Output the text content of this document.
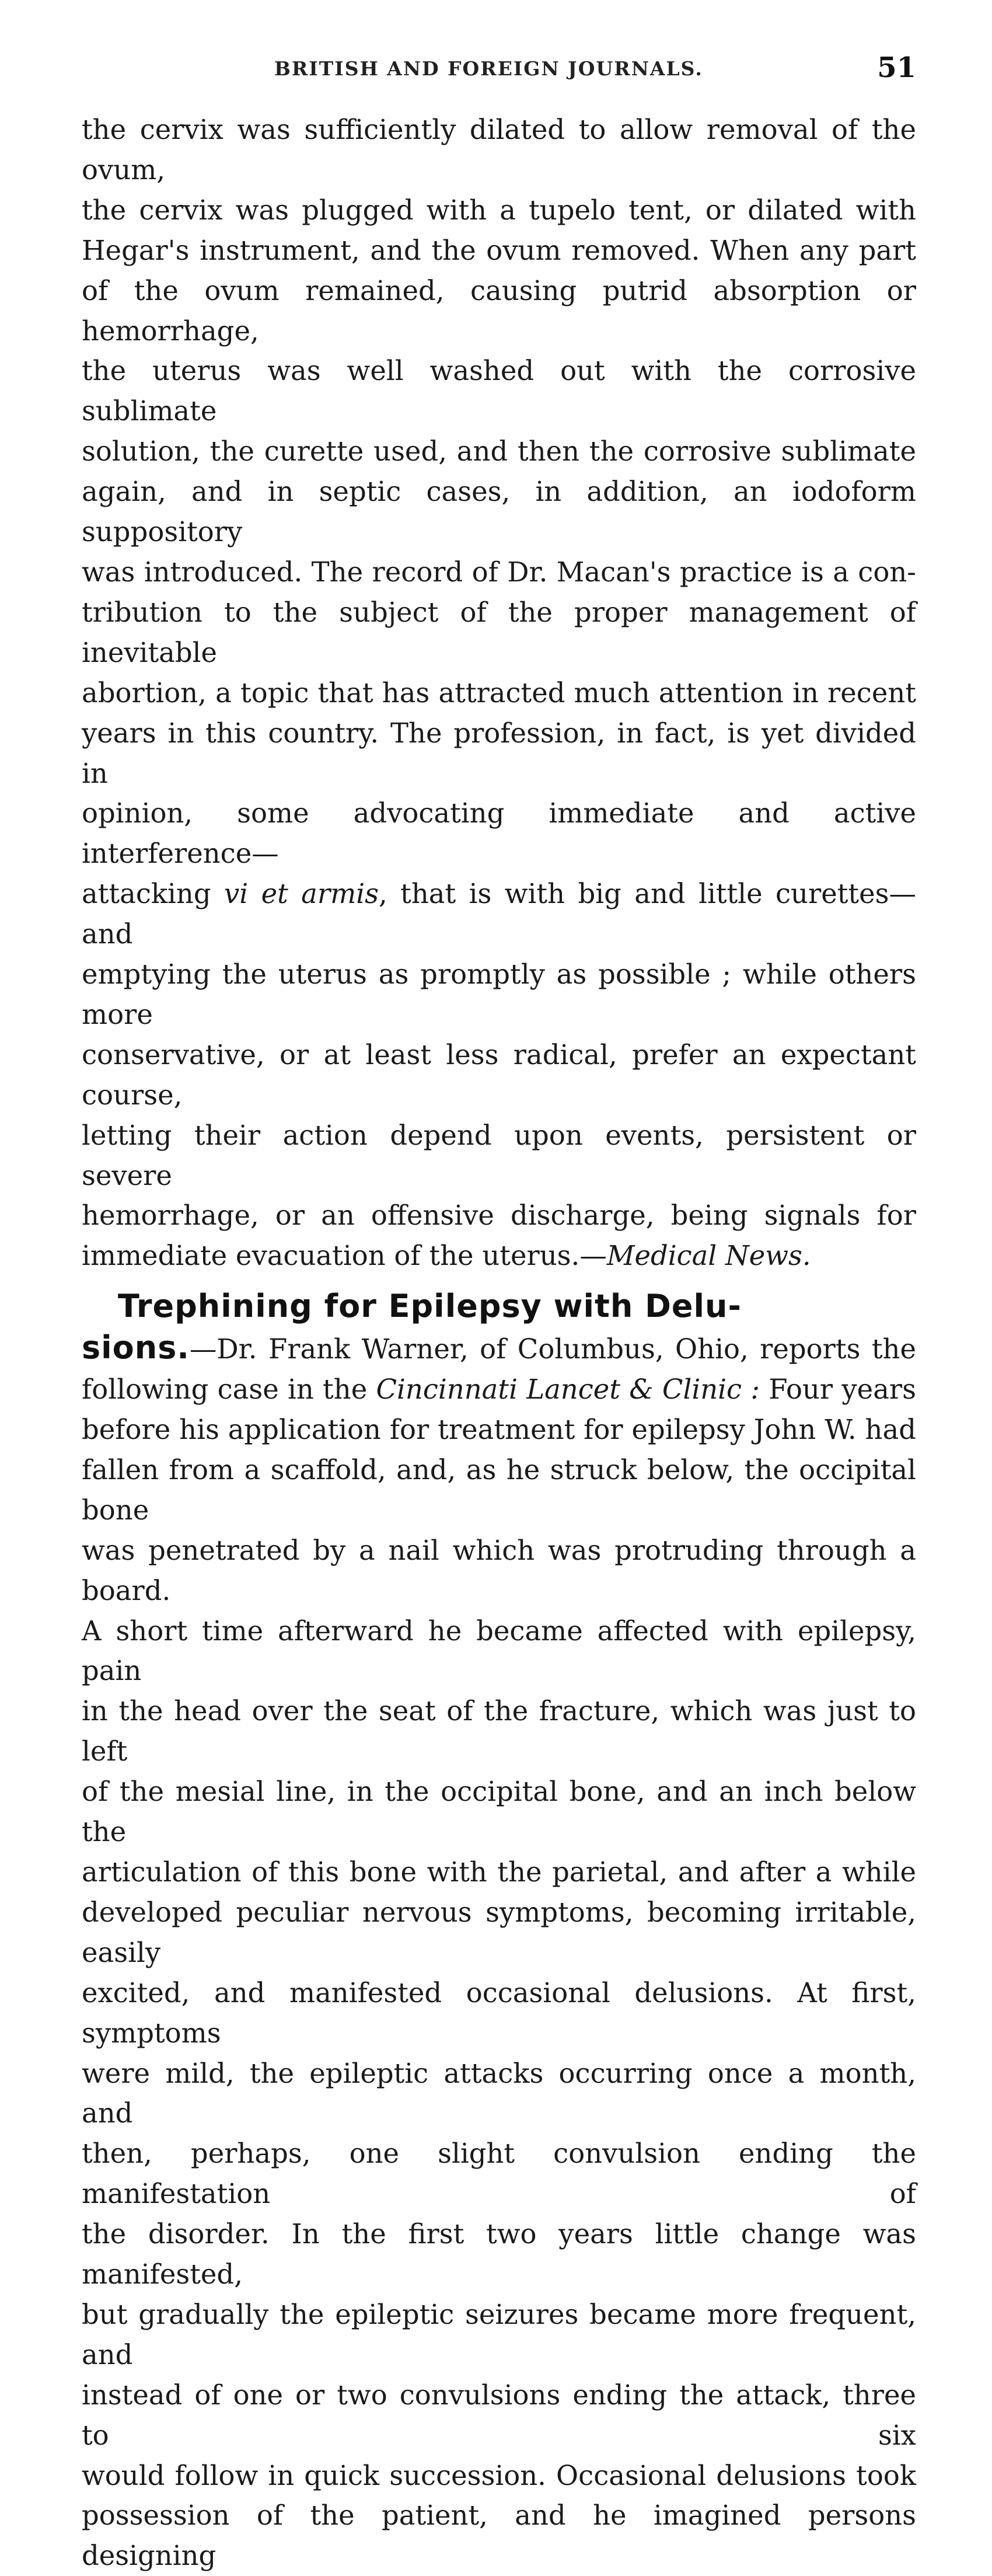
BRITISH AND FOREIGN JOURNALS.	51

the cervix was sufficiently dilated to allow removal of the ovum,

the cervix was plugged with a tupelo tent, or dilated with

Hegar's instrument, and the ovum removed. When any part

of the ovum remained, causing putrid absorption or hemorrhage,

the uterus was well washed out with the corrosive sublimate

solution, the curette used, and then the corrosive sublimate

again, and in septic cases, in addition, an iodoform suppository

was introduced. The record of Dr. Macan's practice is a con-

tribution to the subject of the proper management of inevitable

abortion, a topic that has attracted much attention in recent

years in this country. The profession, in fact, is yet divided in

opinion, some advocating immediate and active interference—

attacking vi et armis, that is with big and little curettes—and

emptying the uterus as promptly as possible ; while others more

conservative, or at least less radical, prefer an expectant course,

letting their action depend upon events, persistent or severe

hemorrhage, or an offensive discharge, being signals for

immediate evacuation of the uterus.—Medical News.

Trephining for Epilepsy with Delu-

sions.—Dr. Frank Warner, of Columbus, Ohio, reports the

following case in the Cincinnati Lancet & Clinic : Four years

before his application for treatment for epilepsy John W. had

fallen from a scaffold, and, as he struck below, the occipital bone

was penetrated by a nail which was protruding through a board.

A short time afterward he became affected with epilepsy, pain

in the head over the seat of the fracture, which was just to left

of the mesial line, in the occipital bone, and an inch below the

articulation of this bone with the parietal, and after a while

developed peculiar nervous symptoms, becoming irritable, easily

excited, and manifested occasional delusions. At first, symptoms

were mild, the epileptic attacks occurring once a month, and

then, perhaps, one slight convulsion ending the manifestation of

the disorder. In the first two years little change was manifested,

but gradually the epileptic seizures became more frequent, and

instead of one or two convulsions ending the attack, three to six

would follow in quick succession. Occasional delusions took

possession of the patient, and he imagined persons designing
